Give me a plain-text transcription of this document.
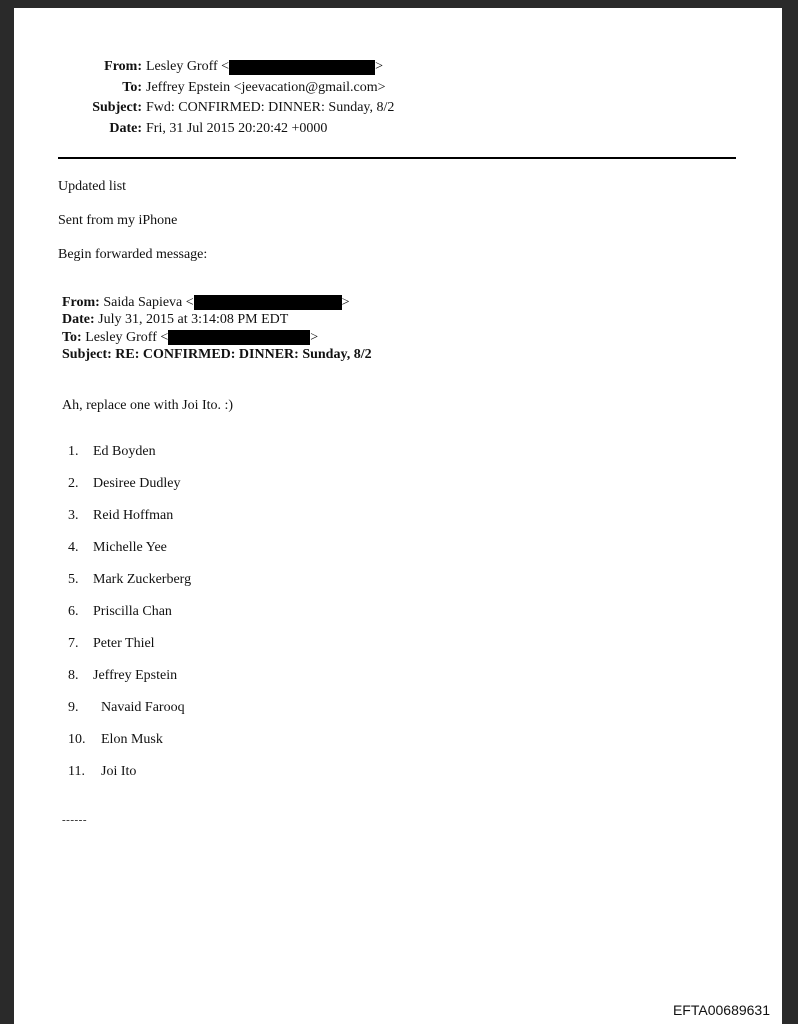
From: Lesley Groff <	>
To: Jeffrey Epstein <jeevacation@gmail.com>
Subject: Fwd: CONFIRMED: DINNER: Sunday, 8/2
Date: Fri, 31 Jul 2015 20:20:42 +0000
Updated list
Sent from my iPhone
Begin forwarded message:
From:
Saida Sapieva <	>
Date:
July 31, 2015 at 3:14:08 PM EDT
To:
Lesley Groff <	>
Subject:
RE: CONFIRMED: DINNER: Sunday, 8/2
Ah, replace one with Joi Ito. :)
1. Ed Boyden
2. Desiree Dudley
3. Reid Hoffman
4. Michelle Yee
5. Mark Zuckerberg
6. Priscilla Chan
7. Peter Thiel
8. Jeffrey Epstein
9. Navaid Farooq
10. Elon Musk
11. Joi Ito
------
EFTA00689631
